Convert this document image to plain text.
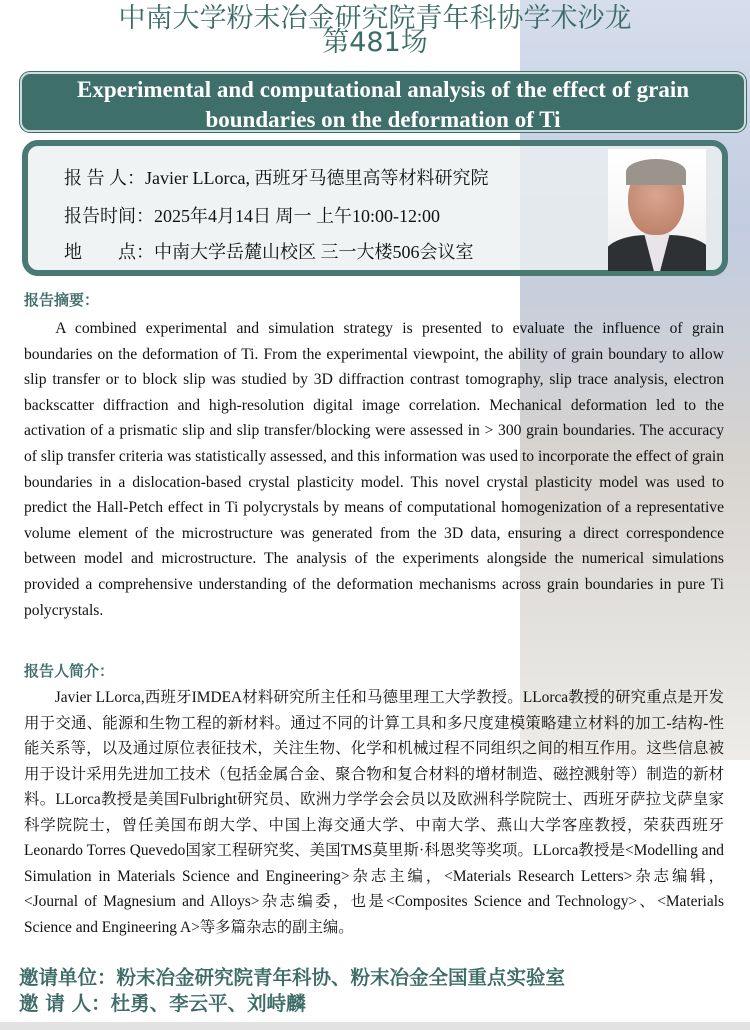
中南大学粉末冶金研究院青年科协学术沙龙
第481场
Experimental and computational analysis of the effect of grain boundaries on the deformation of Ti
报 告 人：Javier LLorca, 西班牙马德里高等材料研究院
报告时间：2025年4月14日 周一 上午10:00-12:00
地　　点：中南大学岳麓山校区 三一大楼506会议室
报告摘要：
A combined experimental and simulation strategy is presented to evaluate the influence of grain boundaries on the deformation of Ti. From the experimental viewpoint, the ability of grain boundary to allow slip transfer or to block slip was studied by 3D diffraction contrast tomography, slip trace analysis, electron backscatter diffraction and high-resolution digital image correlation. Mechanical deformation led to the activation of a prismatic slip and slip transfer/blocking were assessed in > 300 grain boundaries. The accuracy of slip transfer criteria was statistically assessed, and this information was used to incorporate the effect of grain boundaries in a dislocation-based crystal plasticity model. This novel crystal plasticity model was used to predict the Hall-Petch effect in Ti polycrystals by means of computational homogenization of a representative volume element of the microstructure was generated from the 3D data, ensuring a direct correspondence between model and microstructure. The analysis of the experiments alongside the numerical simulations provided a comprehensive understanding of the deformation mechanisms across grain boundaries in pure Ti polycrystals.
报告人简介：
Javier LLorca,西班牙IMDEA材料研究所主任和马德里理工大学教授。LLorca教授的研究重点是开发用于交通、能源和生物工程的新材料。通过不同的计算工具和多尺度建模策略建立材料的加工-结构-性能关系等，以及通过原位表征技术，关注生物、化学和机械过程不同组织之间的相互作用。这些信息被用于设计采用先进加工技术（包括金属合金、聚合物和复合材料的增材制造、磁控溅射等）制造的新材料。LLorca教授是美国Fulbright研究员、欧洲力学学会会员以及欧洲科学院院士、西班牙萨拉戈萨皇家科学院院士，曾任美国布朗大学、中国上海交通大学、中南大学、燕山大学客座教授，荣获西班牙Leonardo Torres Quevedo国家工程研究奖、美国TMS莫里斯·科恩奖等奖项。LLorca教授是<Modelling and Simulation in Materials Science and Engineering>杂志主编，<Materials Research Letters>杂志编辑，<Journal of Magnesium and Alloys>杂志编委，也是<Composites Science and Technology>、<Materials Science and Engineering A>等多篇杂志的副主编。
邀请单位：粉末冶金研究院青年科协、粉末冶金全国重点实验室
邀 请 人：杜勇、李云平、刘峙麟
